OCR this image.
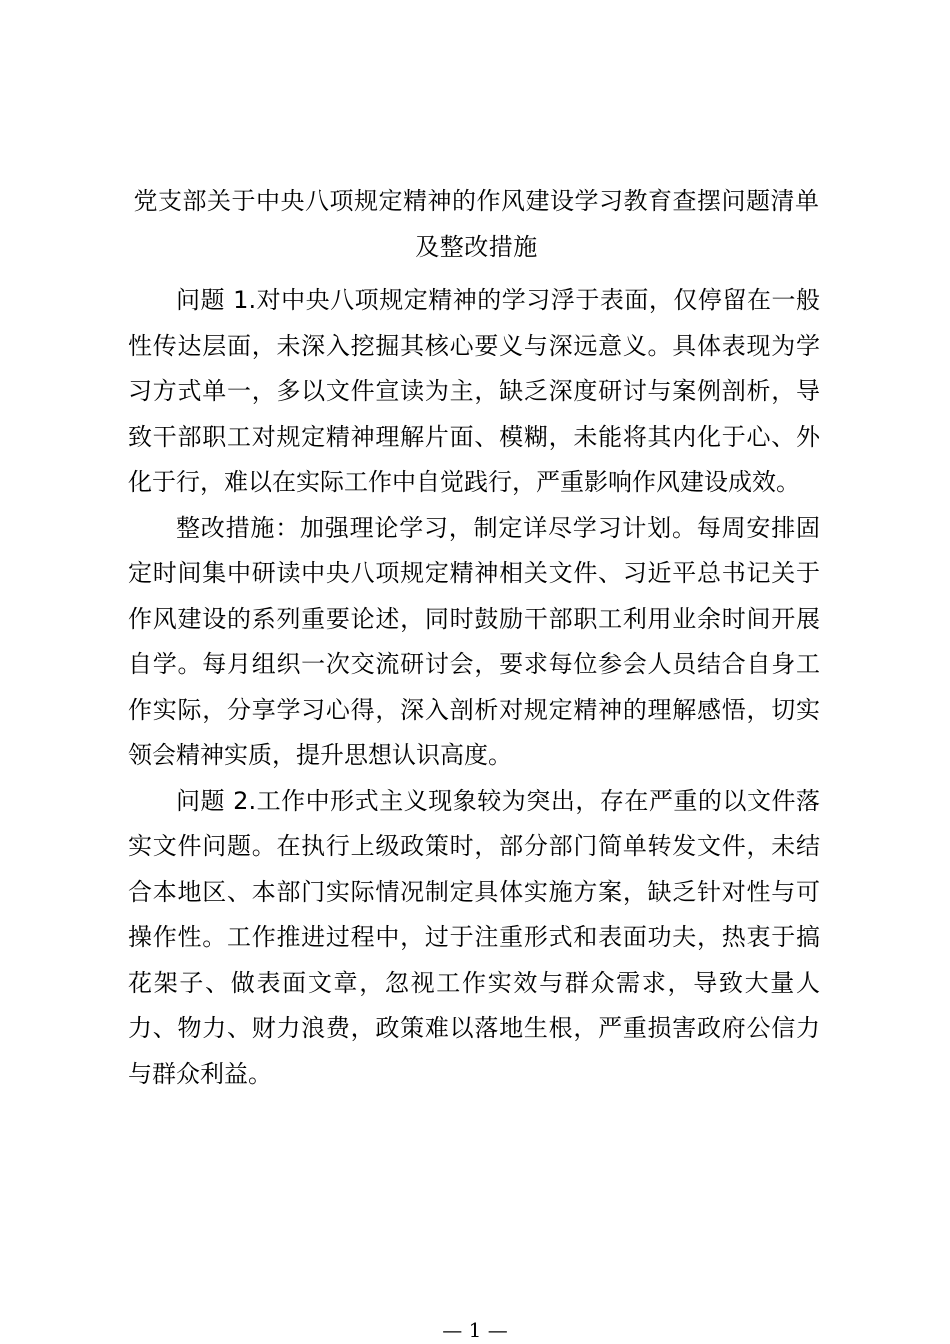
党支部关于中央八项规定精神的作风建设学习教育查摆问题清单及整改措施

问题 1.对中央八项规定精神的学习浮于表面，仅停留在一般性传达层面，未深入挖掘其核心要义与深远意义。具体表现为学习方式单一，多以文件宣读为主，缺乏深度研讨与案例剖析，导致干部职工对规定精神理解片面、模糊，未能将其内化于心、外化于行，难以在实际工作中自觉践行，严重影响作风建设成效。

整改措施：加强理论学习，制定详尽学习计划。每周安排固定时间集中研读中央八项规定精神相关文件、习近平总书记关于作风建设的系列重要论述，同时鼓励干部职工利用业余时间开展自学。每月组织一次交流研讨会，要求每位参会人员结合自身工作实际，分享学习心得，深入剖析对规定精神的理解感悟，切实领会精神实质，提升思想认识高度。

问题 2.工作中形式主义现象较为突出，存在严重的以文件落实文件问题。在执行上级政策时，部分部门简单转发文件，未结合本地区、本部门实际情况制定具体实施方案，缺乏针对性与可操作性。工作推进过程中，过于注重形式和表面功夫，热衷于搞花架子、做表面文章，忽视工作实效与群众需求，导致大量人力、物力、财力浪费，政策难以落地生根，严重损害政府公信力与群众利益。

— 1 —
